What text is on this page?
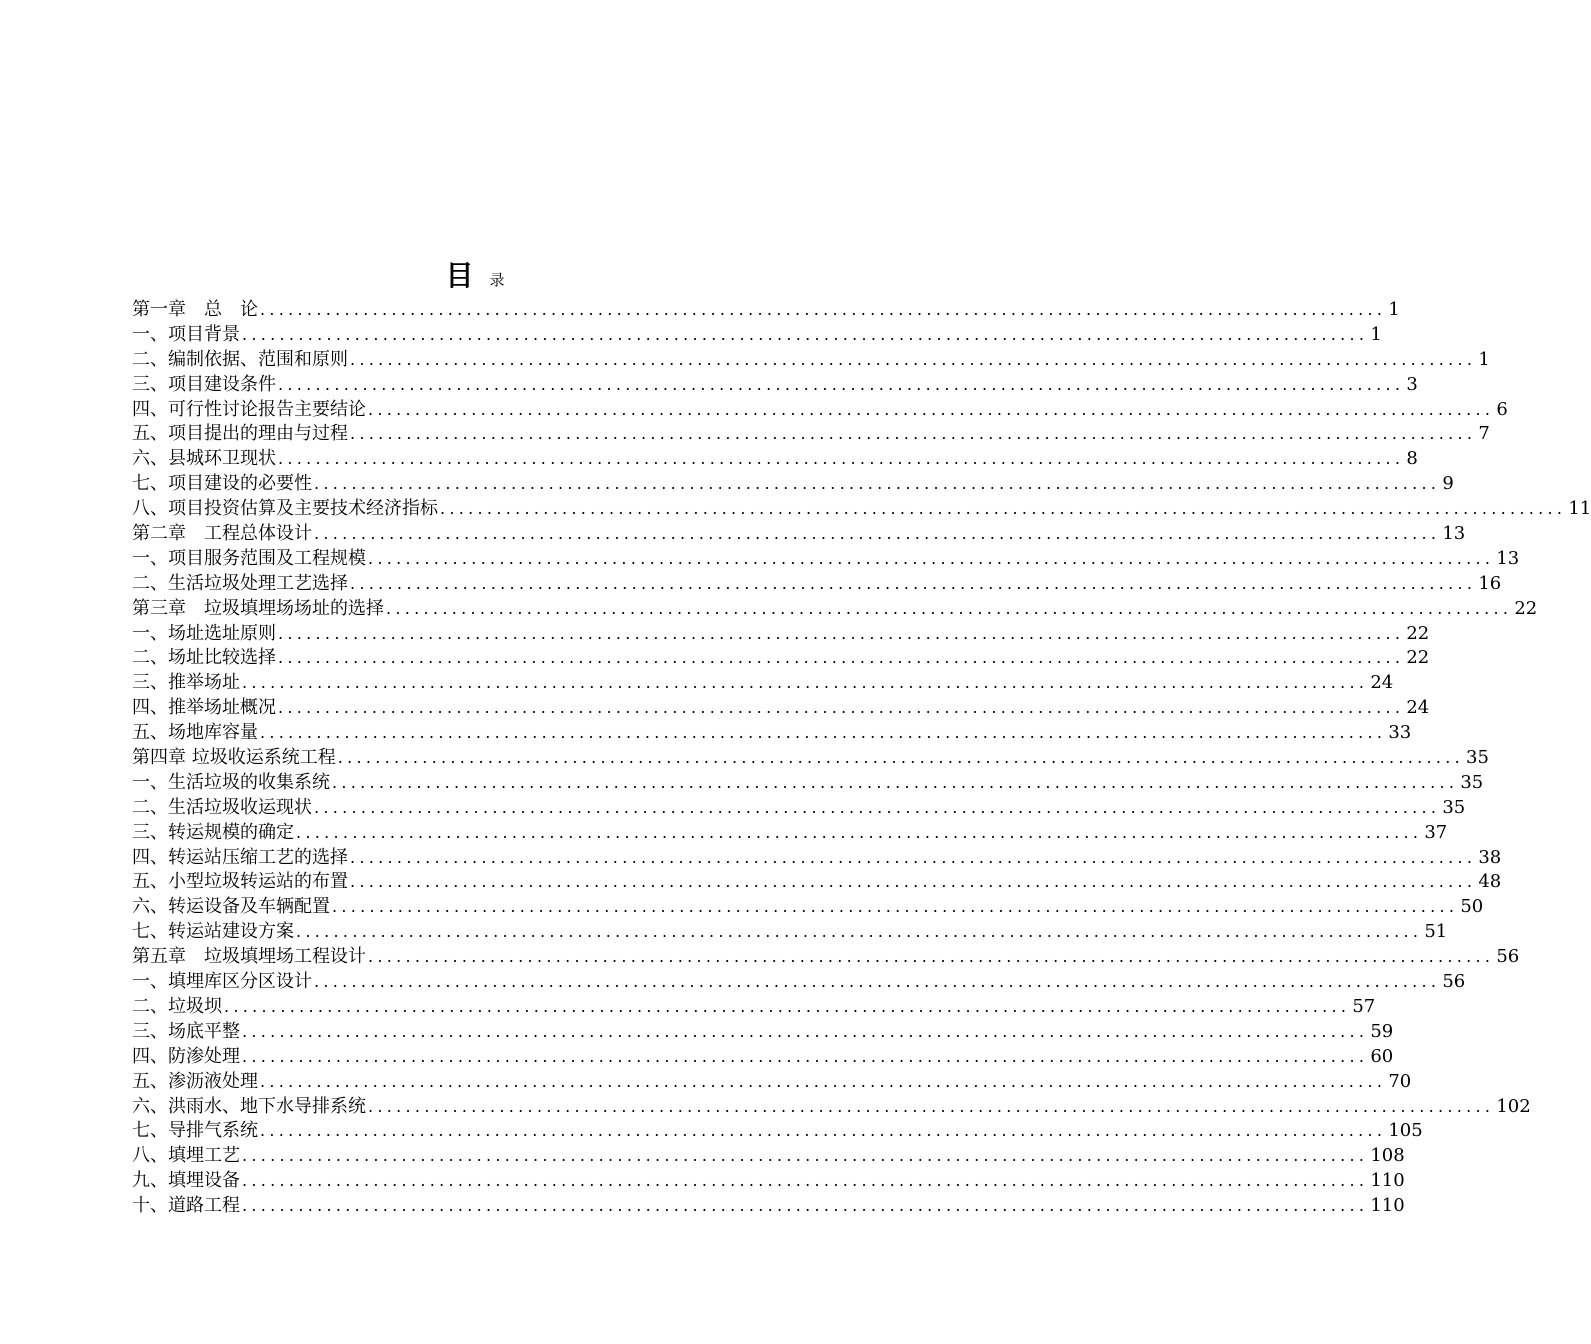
目录
第一章　总　论 ........................................................................................................................ 1
一、项目背景 ........................................................................................................................ 1
二、编制依据、范围和原则 ........................................................................................................................ 1
三、项目建设条件 ........................................................................................................................ 3
四、可行性讨论报告主要结论 ........................................................................................................................ 6
五、项目提出的理由与过程 ........................................................................................................................ 7
六、县城环卫现状 ........................................................................................................................ 8
七、项目建设的必要性 ........................................................................................................................ 9
八、项目投资估算及主要技术经济指标 ........................................................................................................................ 11
第二章　工程总体设计 ........................................................................................................................ 13
一、项目服务范围及工程规模 ........................................................................................................................ 13
二、生活垃圾处理工艺选择 ........................................................................................................................ 16
第三章　垃圾填埋场场址的选择 ........................................................................................................................ 22
一、场址选址原则 ........................................................................................................................ 22
二、场址比较选择 ........................................................................................................................ 22
三、推举场址 ........................................................................................................................ 24
四、推举场址概况 ........................................................................................................................ 24
五、场地库容量 ........................................................................................................................ 33
第四章 垃圾收运系统工程 ........................................................................................................................ 35
一、生活垃圾的收集系统 ........................................................................................................................ 35
二、生活垃圾收运现状 ........................................................................................................................ 35
三、转运规模的确定 ........................................................................................................................ 37
四、转运站压缩工艺的选择 ........................................................................................................................ 38
五、小型垃圾转运站的布置 ........................................................................................................................ 48
六、转运设备及车辆配置 ........................................................................................................................ 50
七、转运站建设方案 ........................................................................................................................ 51
第五章　垃圾填埋场工程设计 ........................................................................................................................ 56
一、填埋库区分区设计 ........................................................................................................................ 56
二、垃圾坝 ........................................................................................................................ 57
三、场底平整 ........................................................................................................................ 59
四、防渗处理 ........................................................................................................................ 60
五、渗沥液处理 ........................................................................................................................ 70
六、洪雨水、地下水导排系统 ........................................................................................................................ 102
七、导排气系统 ........................................................................................................................ 105
八、填埋工艺 ........................................................................................................................ 108
九、填埋设备 ........................................................................................................................ 110
十、道路工程 ........................................................................................................................ 110
